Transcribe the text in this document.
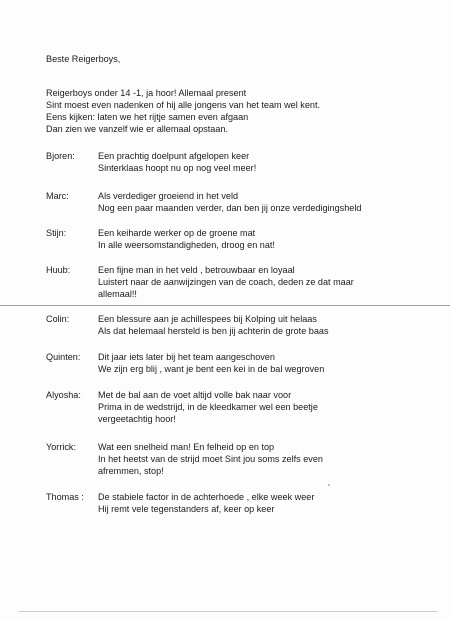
Beste Reigerboys,
Reigerboys onder 14 -1, ja hoor! Allemaal present
Sint moest even nadenken of hij alle jongens van het team wel kent.
Eens kijken: laten we het rijtje samen even afgaan
Dan zien we vanzelf wie er allemaal opstaan.
Bjoren:	Een prachtig doelpunt afgelopen keer
Sinterklaas hoopt nu op nog veel meer!
Marc:	Als verdediger groeiend in het veld
Nog een paar maanden verder, dan ben jij onze verdedigingsheld
Stijn:	Een keiharde werker op de groene mat
In alle weersomstandigheden, droog en nat!
Huub:	Een fijne man in het veld , betrouwbaar en loyaal
Luistert naar de aanwijzingen van de coach, deden ze dat maar
allemaal!!
Colin:	Een blessure aan je achillespees bij Kolping uit helaas
Als dat helemaal hersteld is ben jij achterin de grote baas
Quinten:	Dit jaar iets later bij het team aangeschoven
We zijn erg blij , want je bent een kei in de bal wegroven
Alyosha:	Met de bal aan de voet altijd volle bak naar voor
Prima in de wedstrijd, in de kleedkamer wel een beetje
vergeetachtig hoor!
Yorrick:	Wat een snelheid man! En felheid op en top
In het heetst van de strijd moet Sint jou soms zelfs even
afremmen, stop!
Thomas :	De stabiele factor in de achterhoede , elke week weer
Hij remt vele tegenstanders af, keer op keer
